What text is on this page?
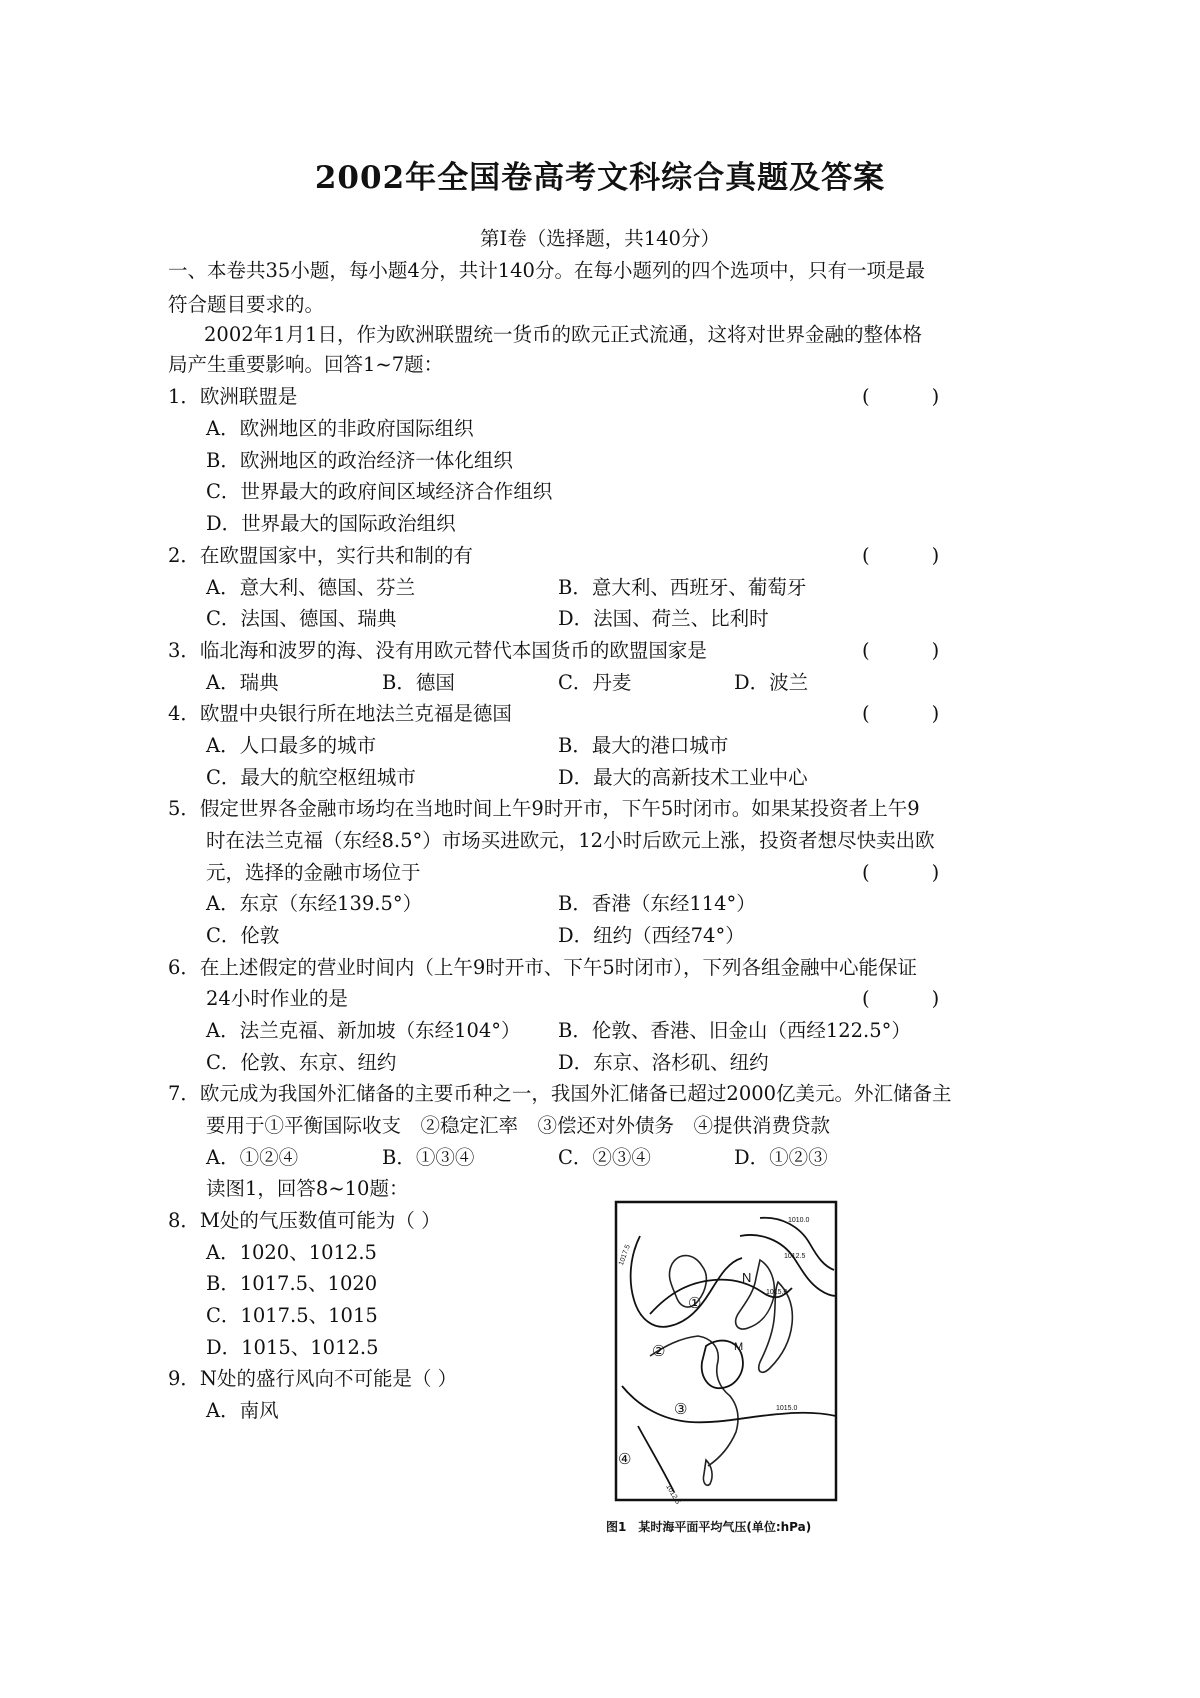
2002年全国卷高考文科综合真题及答案
第Ⅰ卷（选择题，共140分）
一、本卷共35小题，每小题4分，共计140分。在每小题列的四个选项中，只有一项是最
符合题目要求的。
2002年1月1日，作为欧洲联盟统一货币的欧元正式流通，这将对世界金融的整体格
局产生重要影响。回答1~7题：
1．欧洲联盟是	(          )
A．欧洲地区的非政府国际组织
B．欧洲地区的政治经济一体化组织
C．世界最大的政府间区域经济合作组织
D．世界最大的国际政治组织
2．在欧盟国家中，实行共和制的有	(          )
A．意大利、德国、芬兰	B．意大利、西班牙、葡萄牙
C．法国、德国、瑞典	D．法国、荷兰、比利时
3．临北海和波罗的海、没有用欧元替代本国货币的欧盟国家是	(          )
A．瑞典	B．德国	C．丹麦	D．波兰
4．欧盟中央银行所在地法兰克福是德国	(          )
A．人口最多的城市	B．最大的港口城市
C．最大的航空枢纽城市	D．最大的高新技术工业中心
5．假定世界各金融市场均在当地时间上午9时开市，下午5时闭市。如果某投资者上午9
时在法兰克福（东经8.5°）市场买进欧元，12小时后欧元上涨，投资者想尽快卖出欧
元，选择的金融市场位于	(          )
A．东京（东经139.5°）	B．香港（东经114°）
C．伦敦	D．纽约（西经74°）
6．在上述假定的营业时间内（上午9时开市、下午5时闭市），下列各组金融中心能保证
24小时作业的是	(          )
A．法兰克福、新加坡（东经104°） B．伦敦、香港、旧金山（西经122.5°）
C．伦敦、东京、纽约	D．东京、洛杉矶、纽约
7．欧元成为我国外汇储备的主要币种之一，我国外汇储备已超过2000亿美元。外汇储备主
要用于①平衡国际收支　②稳定汇率　③偿还对外债务　④提供消费贷款
A．①②④	B．①③④	C．②③④	D．①②③
读图1，回答8~10题：
8．M处的气压数值可能为（ ）
A．1020、1012.5
B．1017.5、1020
C．1017.5、1015
D．1015、1012.5
9．N处的盛行风向不可能是（ ）
A．南风
1010.0
1012.5
1017.5
1015.0
1015.0
1012.5
N
M
①
②
③
④
图1　某时海平面平均气压(单位:hPa)
